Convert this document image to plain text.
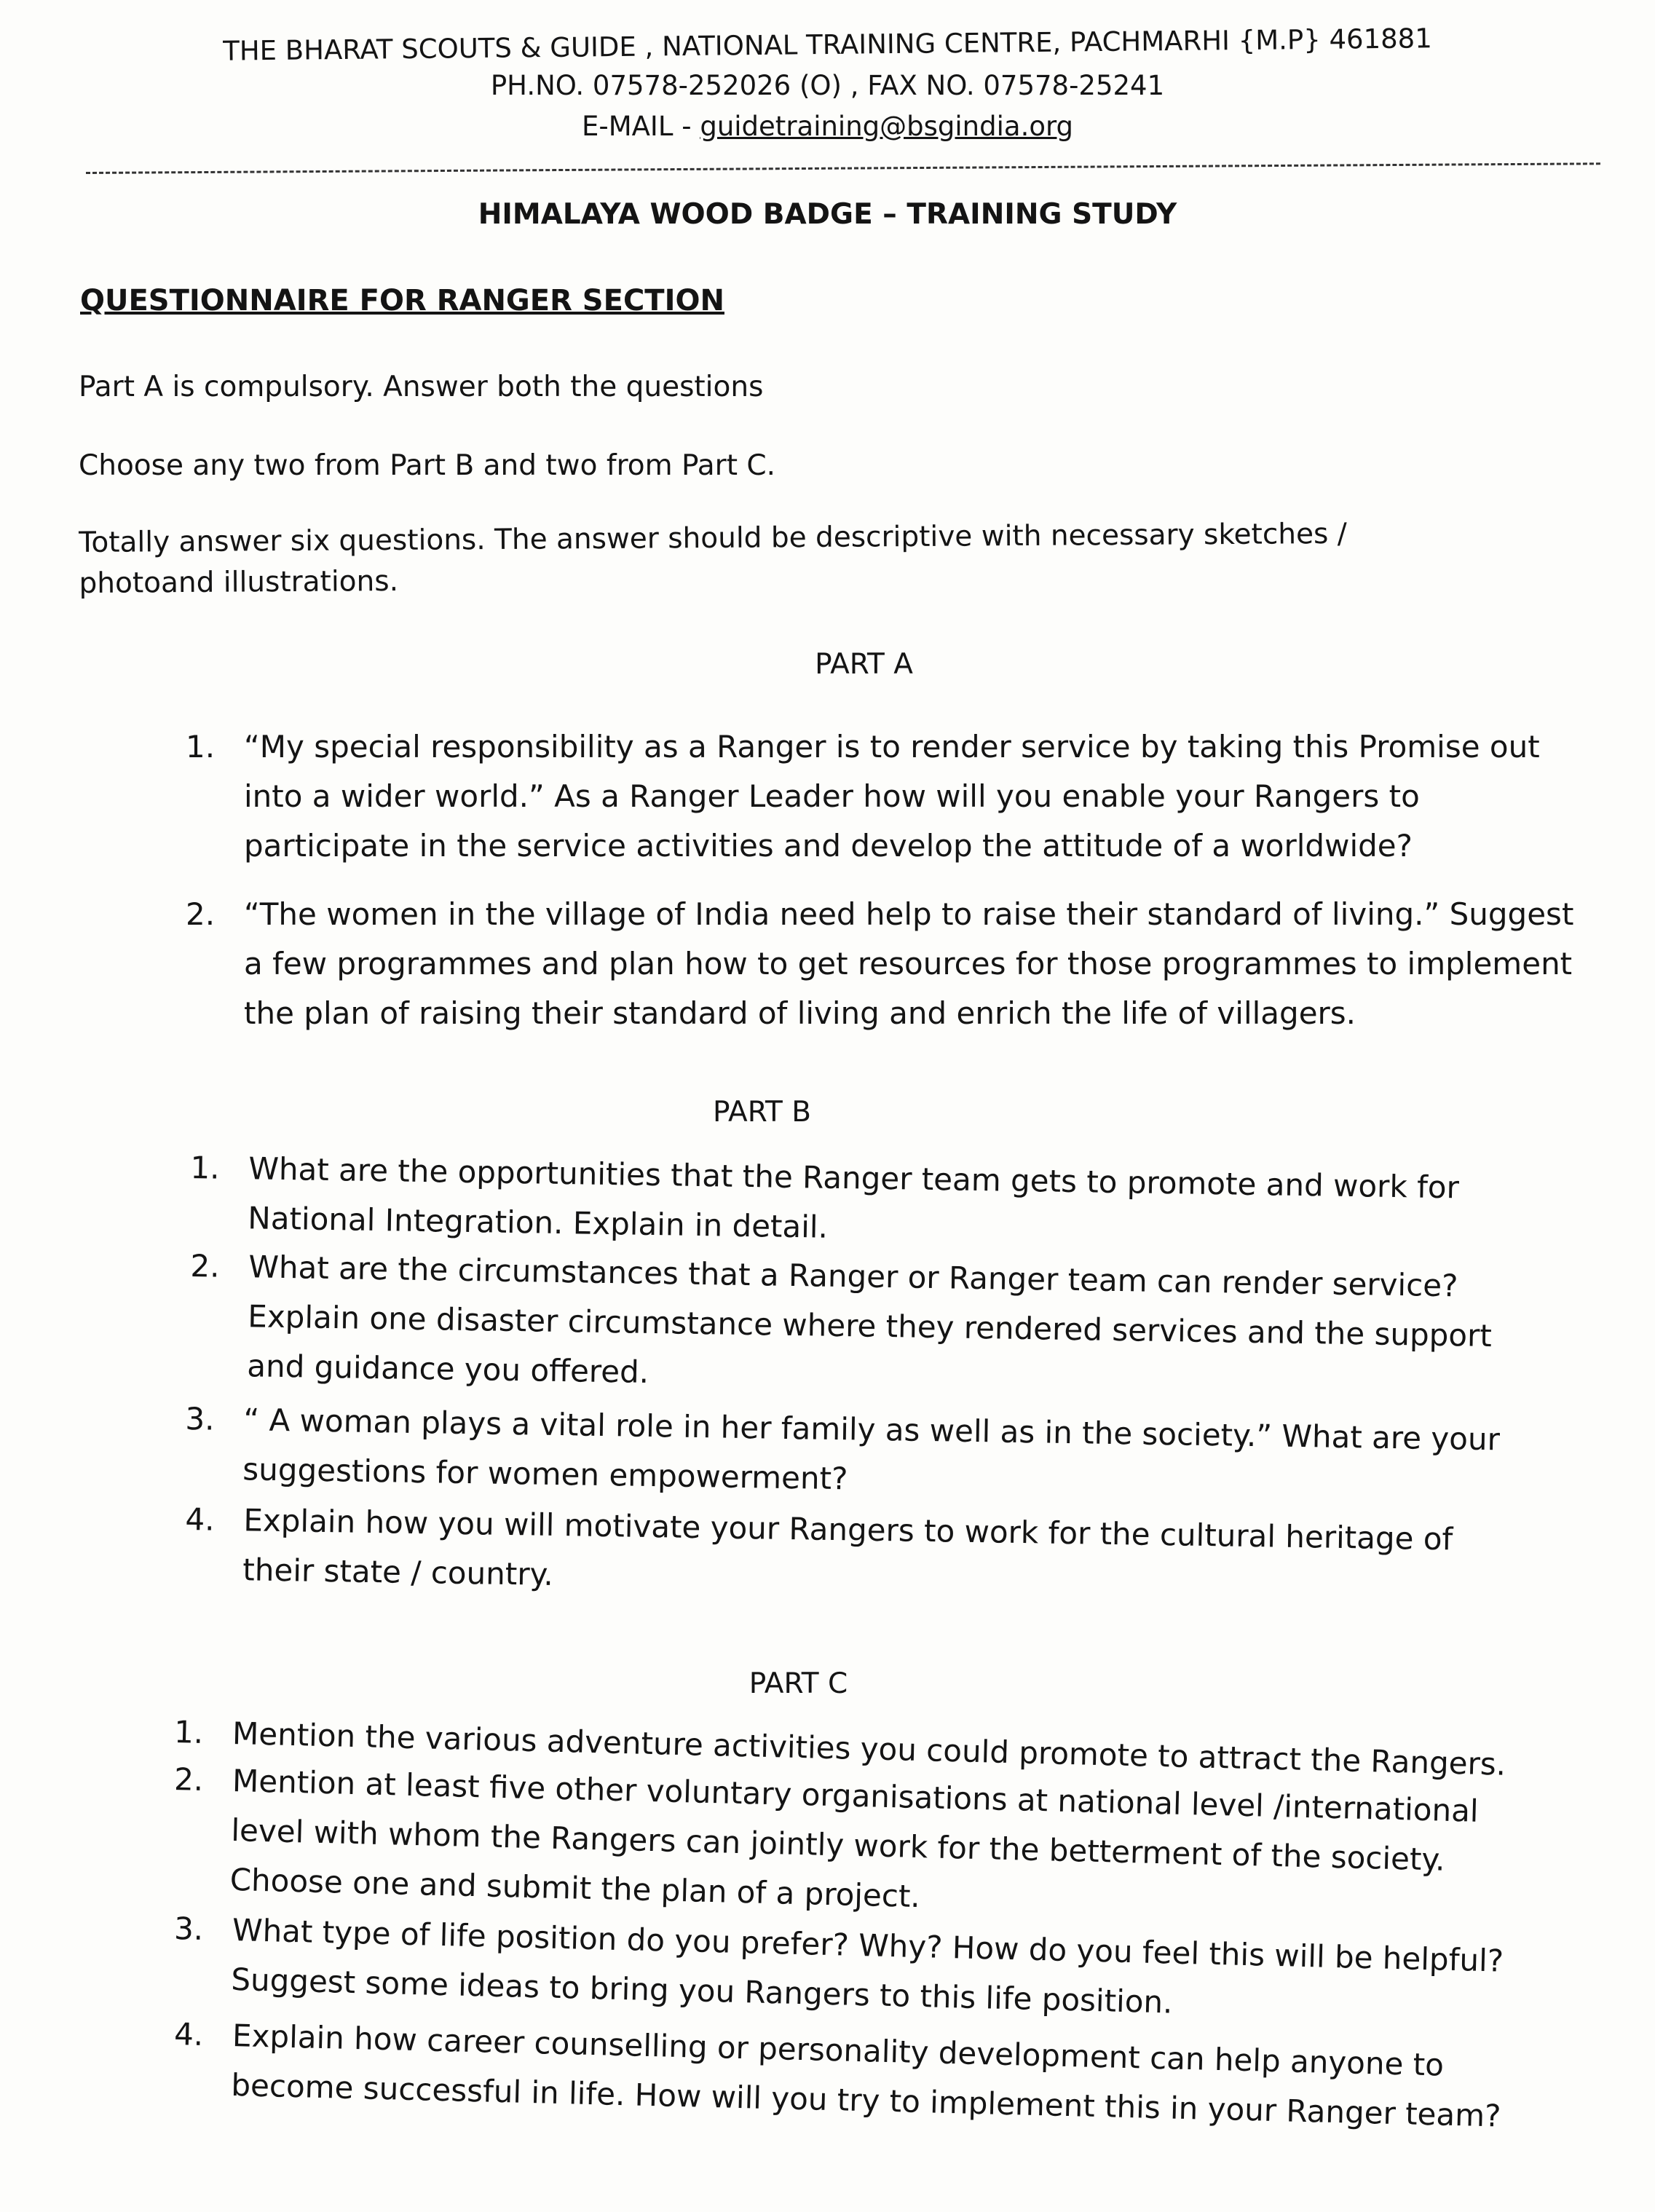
THE BHARAT SCOUTS & GUIDE , NATIONAL TRAINING CENTRE, PACHMARHI {M.P} 461881
PH.NO. 07578-252026 (O) , FAX NO. 07578-25241
E-MAIL - guidetraining@bsgindia.org
HIMALAYA WOOD BADGE – TRAINING STUDY
QUESTIONNAIRE FOR RANGER SECTION
Part A is compulsory. Answer both the questions
Choose any two from Part B and two from Part C.
Totally answer six questions. The answer should be descriptive with necessary sketches / photoand illustrations.
PART A
1. “My special responsibility as a Ranger is to render service by taking this Promise out into a wider world.” As a Ranger Leader how will you enable your Rangers to participate in the service activities and develop the attitude of a worldwide?
2. “The women in the village of India need help to raise their standard of living.” Suggest a few programmes and plan how to get resources for those programmes to implement the plan of raising their standard of living and enrich the life of villagers.
PART B
1. What are the opportunities that the Ranger team gets to promote and work for National Integration. Explain in detail.
2. What are the circumstances that a Ranger or Ranger team can render service? Explain one disaster circumstance where they rendered services and the support and guidance you offered.
3. “ A woman plays a vital role in her family as well as in the society.” What are your suggestions for women empowerment?
4. Explain how you will motivate your Rangers to work for the cultural heritage of their state / country.
PART C
1. Mention the various adventure activities you could promote to attract the Rangers.
2. Mention at least five other voluntary organisations at national level /international level with whom the Rangers can jointly work for the betterment of the society. Choose one and submit the plan of a project.
3. What type of life position do you prefer? Why? How do you feel this will be helpful? Suggest some ideas to bring you Rangers to this life position.
4. Explain how career counselling or personality development can help anyone to become successful in life. How will you try to implement this in your Ranger team?
